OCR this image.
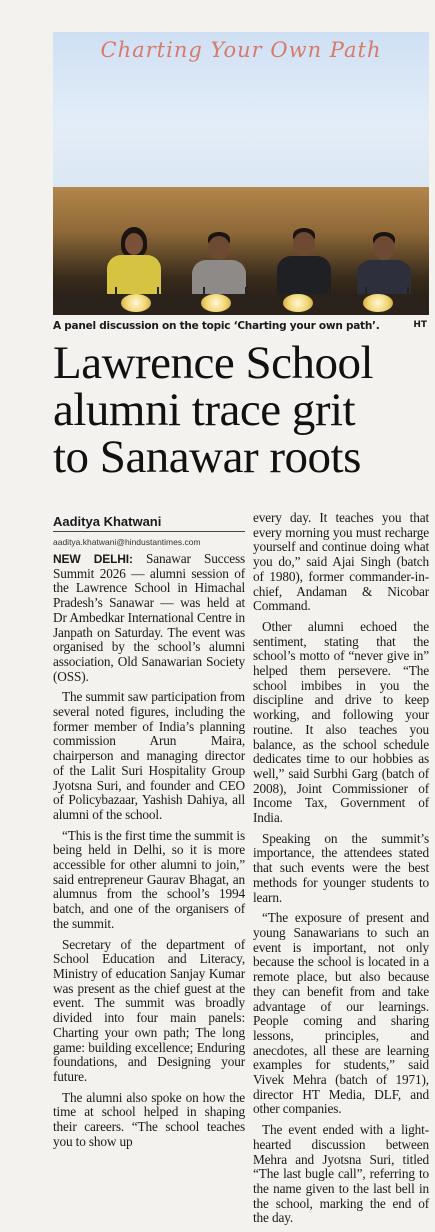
Charting Your Own Path
A panel discussion on the topic ‘Charting your own path’.	HT
Lawrence School
alumni trace grit
to Sanawar roots
Aaditya Khatwani
aaditya.khatwani@hindustantimes.com

NEW DELHI: Sanawar Success Summit 2026 — alumni session of the Lawrence School in Himachal Pradesh’s Sanawar — was held at Dr Ambedkar International Centre in Janpath on Saturday. The event was organised by the school’s alumni association, Old Sanawarian Society (OSS).

The summit saw participation from several noted figures, including the former member of India’s planning commission Arun Maira, chairperson and managing director of the Lalit Suri Hospitality Group Jyotsna Suri, and founder and CEO of Policybazaar, Yashish Dahiya, all alumni of the school.

“This is the first time the summit is being held in Delhi, so it is more accessible for other alumni to join,” said entrepreneur Gaurav Bhagat, an alumnus from the school’s 1994 batch, and one of the organisers of the summit.

Secretary of the department of School Education and Literacy, Ministry of education Sanjay Kumar was present as the chief guest at the event. The summit was broadly divided into four main panels: Charting your own path; The long game: building excellence; Enduring foundations, and Designing your future.

The alumni also spoke on how the time at school helped in shaping their careers. “The school teaches you to show up

every day. It teaches you that every morning you must recharge yourself and continue doing what you do,” said Ajai Singh (batch of 1980), former commander-in-chief, Andaman & Nicobar Command.

Other alumni echoed the sentiment, stating that the school’s motto of “never give in” helped them persevere. “The school imbibes in you the discipline and drive to keep working, and following your routine. It also teaches you balance, as the school schedule dedicates time to our hobbies as well,” said Surbhi Garg (batch of 2008), Joint Commissioner of Income Tax, Government of India.

Speaking on the summit’s importance, the attendees stated that such events were the best methods for younger students to learn.

“The exposure of present and young Sanawarians to such an event is important, not only because the school is located in a remote place, but also because they can benefit from and take advantage of our learnings. People coming and sharing lessons, principles, and anecdotes, all these are learning examples for students,” said Vivek Mehra (batch of 1971), director HT Media, DLF, and other companies.

The event ended with a light-hearted discussion between Mehra and Jyotsna Suri, titled “The last bugle call”, referring to the name given to the last bell in the school, marking the end of the day.
